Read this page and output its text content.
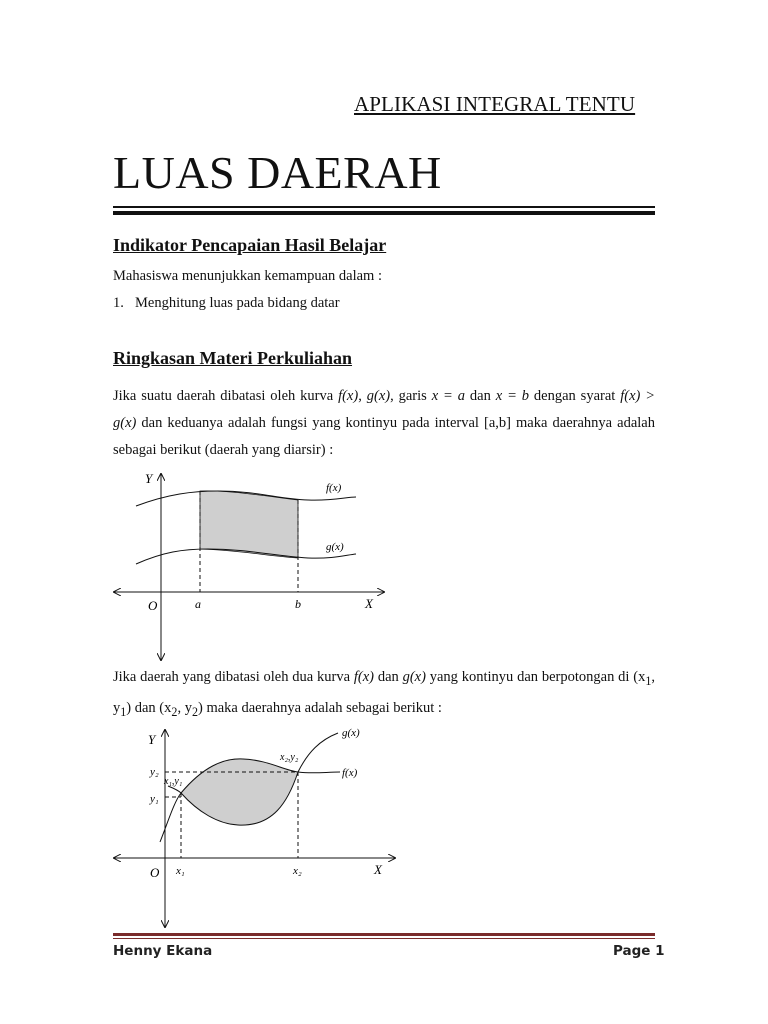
APLIKASI INTEGRAL TENTU
LUAS DAERAH
Indikator Pencapaian Hasil Belajar
Mahasiswa menunjukkan kemampuan dalam :
1. Menghitung luas pada bidang datar
Ringkasan Materi Perkuliahan
Jika suatu daerah dibatasi oleh kurva f(x), g(x), garis x = a dan x = b dengan syarat f(x) > g(x) dan keduanya adalah fungsi yang kontinyu pada interval [a,b] maka daerahnya adalah sebagai berikut (daerah yang diarsir) :
Y
X
O	a	b
f(x)
g(x)
Jika daerah yang dibatasi oleh dua kurva f(x) dan g(x) yang kontinyu dan berpotongan di ($x_1$, $y_1$) dan ($x_2$, $y_2$) maka daerahnya adalah sebagai berikut :
Y
X
O x₁	x₂
y₂
y₁
x₁,y₁
x₂,y₂
g(x)
f(x)
Henny Ekana	Page 1
